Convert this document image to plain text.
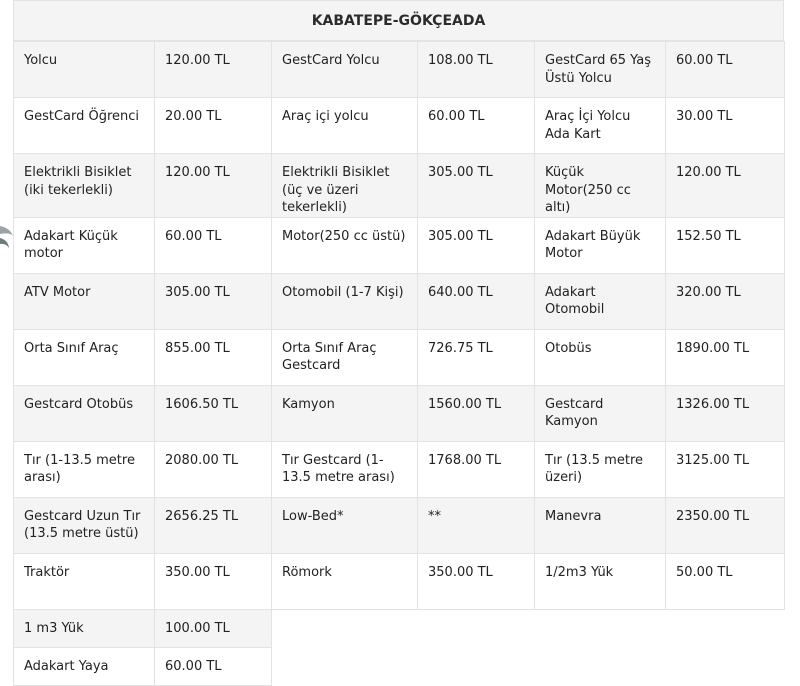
KABATEPE-GÖKÇEADA
Yolcu	120.00 TL	GestCard Yolcu	108.00 TL	GestCard 65 Yaş Üstü Yolcu	60.00 TL
GestCard Öğrenci	20.00 TL	Araç içi yolcu	60.00 TL	Araç İçi Yolcu Ada Kart	30.00 TL
Elektrikli Bisiklet (iki tekerlekli)	120.00 TL	Elektrikli Bisiklet (üç ve üzeri tekerlekli)	305.00 TL	Küçük Motor(250 cc altı)	120.00 TL
Adakart Küçük motor	60.00 TL	Motor(250 cc üstü)	305.00 TL	Adakart Büyük Motor	152.50 TL
ATV Motor	305.00 TL	Otomobil (1-7 Kişi)	640.00 TL	Adakart Otomobil	320.00 TL
Orta Sınıf Araç	855.00 TL	Orta Sınıf Araç Gestcard	726.75 TL	Otobüs	1890.00 TL
Gestcard Otobüs	1606.50 TL	Kamyon	1560.00 TL	Gestcard Kamyon	1326.00 TL
Tır (1-13.5 metre arası)	2080.00 TL	Tır Gestcard (1-13.5 metre arası)	1768.00 TL	Tır (13.5 metre üzeri)	3125.00 TL
Gestcard Uzun Tır (13.5 metre üstü)	2656.25 TL	Low-Bed*	**	Manevra	2350.00 TL
Traktör	350.00 TL	Römork	350.00 TL	1/2m3 Yük	50.00 TL
1 m3 Yük	100.00 TL				
Adakart Yaya	60.00 TL				
